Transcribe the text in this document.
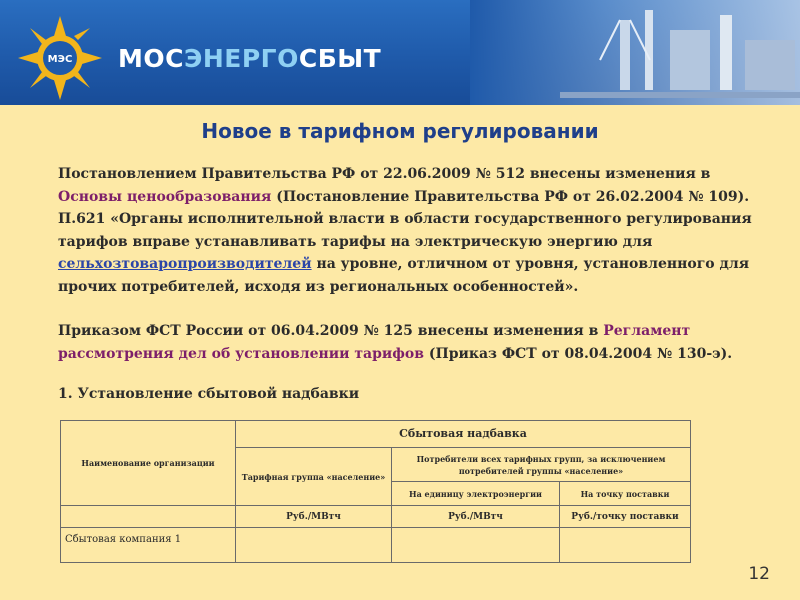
МЭС МОСЭНЕРГОСБЫТ
Новое в тарифном регулировании

Постановлением Правительства РФ от 22.06.2009 № 512 внесены изменения в Основы ценообразования (Постановление Правительства РФ от 26.02.2004 № 109).

П.621 «Органы исполнительной власти в области государственного регулирования тарифов вправе устанавливать тарифы на электрическую энергию для сельхозтоваропроизводителей на уровне, отличном от уровня, установленного для прочих потребителей, исходя из региональных особенностей».

Приказом ФСТ России от 06.04.2009 № 125 внесены изменения в Регламент рассмотрения дел об установлении тарифов (Приказ ФСТ от 08.04.2004 № 130-э).

1. Установление сбытовой надбавки
Наименование организации	Сбытовая надбавка		
	Тарифная группа «население»	Потребители всех тарифных групп, за исключением потребителей группы «население»	
		На единицу электроэнергии	На точку поставки
	Руб./МВтч	Руб./МВтч	Руб./точку поставки
Сбытовая компания 1			
12
